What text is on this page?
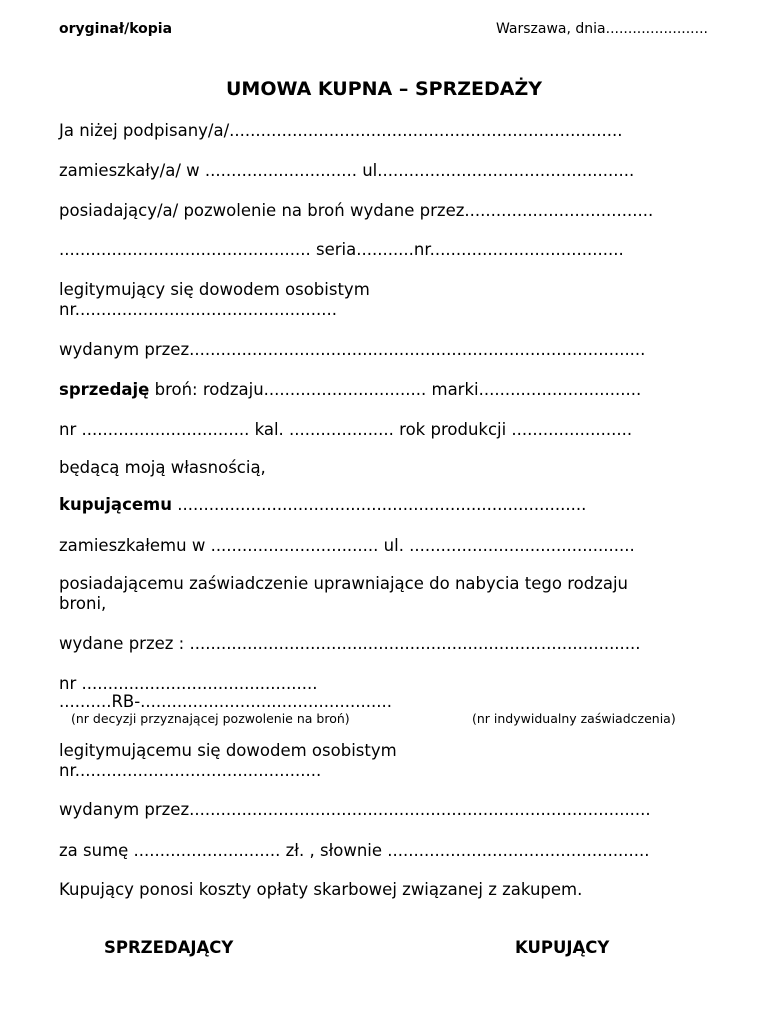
oryginał/kopia	Warszawa, dnia.......................
UMOWA KUPNA – SPRZEDAŻY
Ja niżej podpisany/a/...........................................................................
zamieszkały/a/ w ............................. ul.................................................
posiadający/a/ pozwolenie na broń wydane przez....................................
................................................ seria...........nr.....................................
legitymujący się dowodem osobistym
nr..................................................
wydanym przez.......................................................................................
sprzedaję broń: rodzaju............................... marki...............................
nr ................................ kal. .................... rok produkcji .......................
będącą moją własnością,
kupującemu ..............................................................................
zamieszkałemu w ................................ ul. ...........................................
posiadającemu zaświadczenie uprawniające do nabycia tego rodzaju
broni,
wydane przez : ......................................................................................
nr .............................................
..........RB-................................................
(nr decyzji przyznającej pozwolenie na broń)	(nr indywidualny zaświadczenia)
legitymującemu się dowodem osobistym
nr...............................................
wydanym przez........................................................................................
za sumę ............................ zł. , słownie ..................................................
Kupujący ponosi koszty opłaty skarbowej związanej z zakupem.
SPRZEDAJĄCY	KUPUJĄCY
